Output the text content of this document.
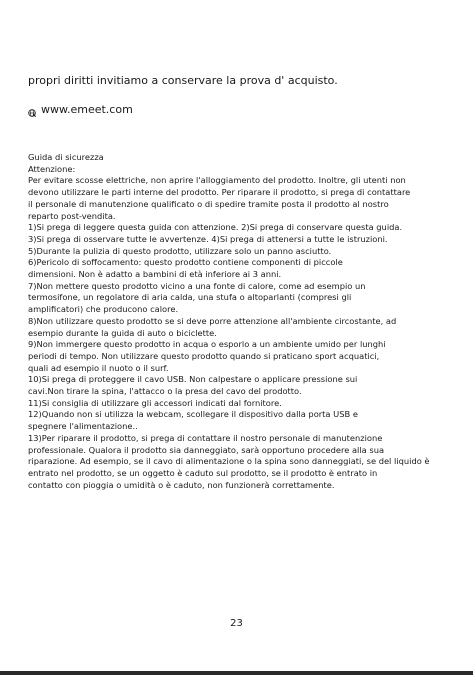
propri diritti invitiamo a conservare la prova d' acquisto.
www.emeet.com
Guida di sicurezza
Attenzione:
Per evitare scosse elettriche, non aprire l'alloggiamento del prodotto. Inoltre, gli utenti non
devono utilizzare le parti interne del prodotto. Per riparare il prodotto, si prega di contattare
il personale di manutenzione qualificato o di spedire tramite posta il prodotto al nostro
reparto post-vendita.
1)Si prega di leggere questa guida con attenzione. 2)Si prega di conservare questa guida.
3)Si prega di osservare tutte le avvertenze. 4)Si prega di attenersi a tutte le istruzioni.
5)Durante la pulizia di questo prodotto, utilizzare solo un panno asciutto.
6)Pericolo di soffocamento: questo prodotto contiene componenti di piccole
dimensioni. Non è adatto a bambini di età inferiore ai 3 anni.
7)Non mettere questo prodotto vicino a una fonte di calore, come ad esempio un
termosifone, un regolatore di aria calda, una stufa o altoparlanti (compresi gli
amplificatori) che producono calore.
8)Non utilizzare questo prodotto se si deve porre attenzione all'ambiente circostante, ad
esempio durante la guida di auto o biciclette.
9)Non immergere questo prodotto in acqua o esporlo a un ambiente umido per lunghi
periodi di tempo. Non utilizzare questo prodotto quando si praticano sport acquatici,
quali ad esempio il nuoto o il surf.
10)Si prega di proteggere il cavo USB. Non calpestare o applicare pressione sui
cavi.Non tirare la spina, l'attacco o la presa del cavo del prodotto.
11)Si consiglia di utilizzare gli accessori indicati dal fornitore.
12)Quando non si utilizza la webcam, scollegare il dispositivo dalla porta USB e
spegnere l'alimentazione..
13)Per riparare il prodotto, si prega di contattare il nostro personale di manutenzione
professionale. Qualora il prodotto sia danneggiato, sarà opportuno procedere alla sua
riparazione. Ad esempio, se il cavo di alimentazione o la spina sono danneggiati, se del liquido è
entrato nel prodotto, se un oggetto è caduto sul prodotto, se il prodotto è entrato in
contatto con pioggia o umidità o è caduto, non funzionerà correttamente.
23
